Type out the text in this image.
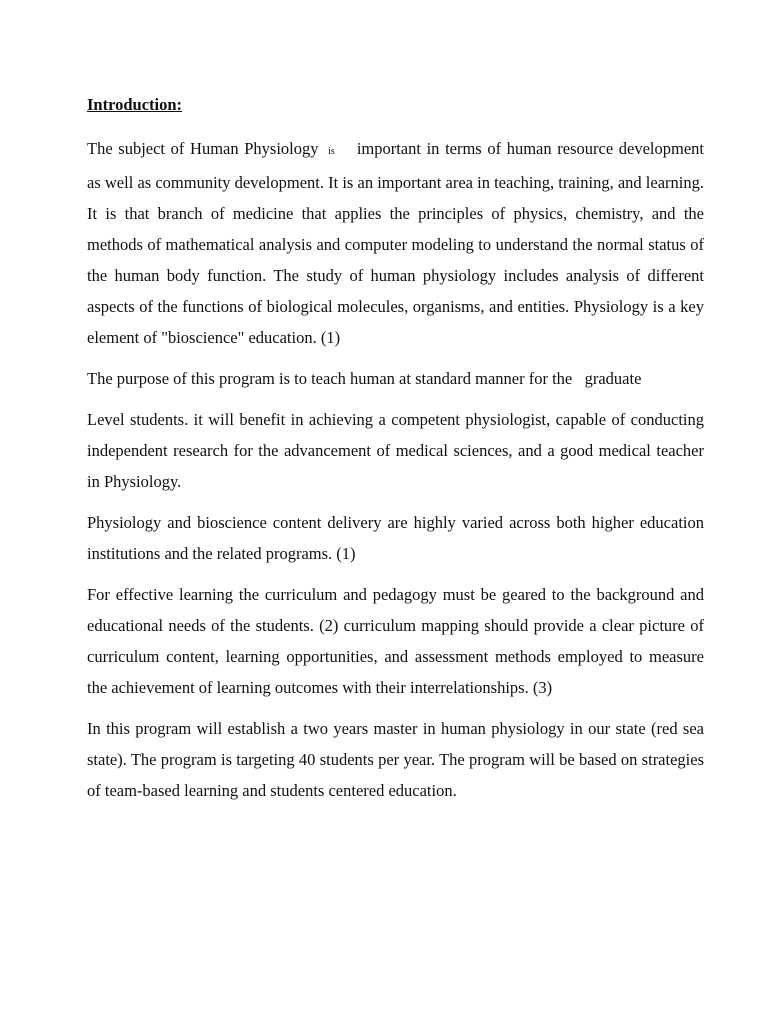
Introduction:

The subject of Human Physiology is important in terms of human resource development as well as community development. It is an important area in teaching, training, and learning. It is that branch of medicine that applies the principles of physics, chemistry, and the methods of mathematical analysis and computer modeling to understand the normal status of the human body function. The study of human physiology includes analysis of different aspects of the functions of biological molecules, organisms, and entities. Physiology is a key element of "bioscience" education. (1)

The purpose of this program is to teach human at standard manner for the   graduate

Level students. it will benefit in achieving a competent physiologist, capable of conducting independent research for the advancement of medical sciences, and a good medical teacher in Physiology.

Physiology and bioscience content delivery are highly varied across both higher education institutions and the related programs. (1)

For effective learning the curriculum and pedagogy must be geared to the background and educational needs of the students. (2) curriculum mapping should provide a clear picture of curriculum content, learning opportunities, and assessment methods employed to measure the achievement of learning outcomes with their interrelationships. (3)

In this program will establish a two years master in human physiology in our state (red sea state). The program is targeting 40 students per year. The program will be based on strategies of team-based learning and students centered education.
